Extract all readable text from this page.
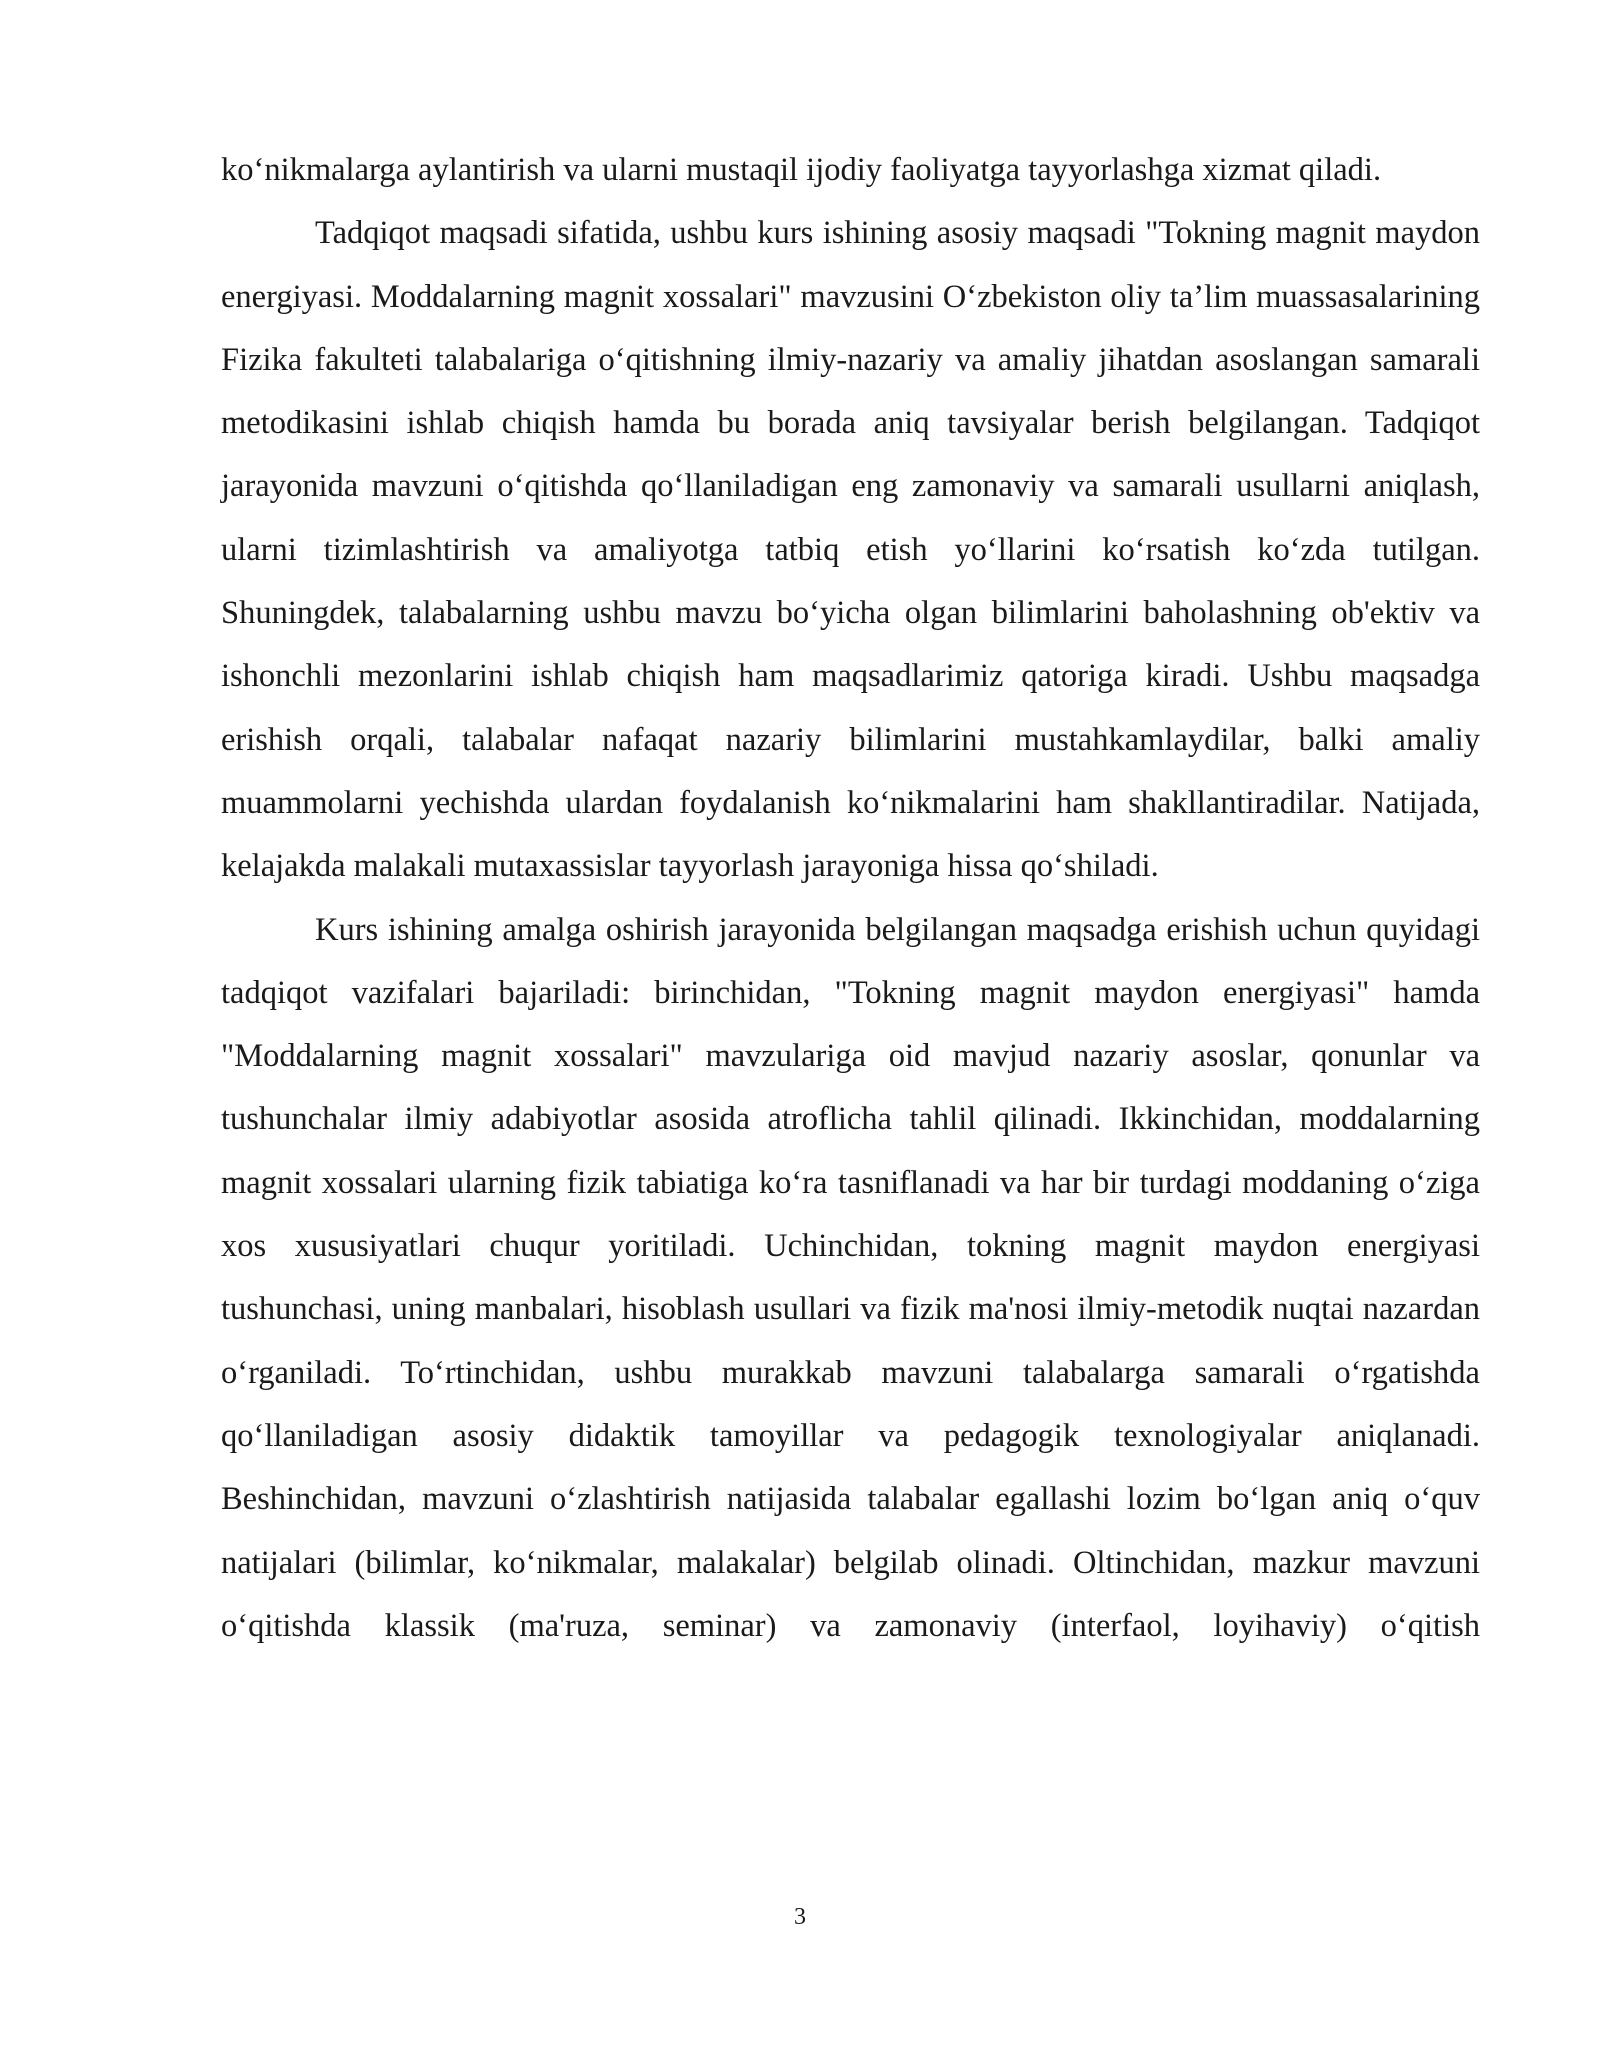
ko‘nikmalarga aylantirish va ularni mustaqil ijodiy faoliyatga tayyorlashga xizmat qiladi.

Tadqiqot maqsadi sifatida, ushbu kurs ishining asosiy maqsadi "Tokning magnit maydon energiyasi. Moddalarning magnit xossalari" mavzusini O‘zbekiston oliy ta’lim muassasalarining Fizika fakulteti talabalariga o‘qitishning ilmiy-nazariy va amaliy jihatdan asoslangan samarali metodikasini ishlab chiqish hamda bu borada aniq tavsiyalar berish belgilangan. Tadqiqot jarayonida mavzuni o‘qitishda qo‘llaniladigan eng zamonaviy va samarali usullarni aniqlash, ularni tizimlashtirish va amaliyotga tatbiq etish yo‘llarini ko‘rsatish ko‘zda tutilgan. Shuningdek, talabalarning ushbu mavzu bo‘yicha olgan bilimlarini baholashning ob'ektiv va ishonchli mezonlarini ishlab chiqish ham maqsadlarimiz qatoriga kiradi. Ushbu maqsadga erishish orqali, talabalar nafaqat nazariy bilimlarini mustahkamlaydilar, balki amaliy muammolarni yechishda ulardan foydalanish ko‘nikmalarini ham shakllantiradilar. Natijada, kelajakda malakali mutaxassislar tayyorlash jarayoniga hissa qo‘shiladi.

Kurs ishining amalga oshirish jarayonida belgilangan maqsadga erishish uchun quyidagi tadqiqot vazifalari bajariladi: birinchidan, "Tokning magnit maydon energiyasi" hamda "Moddalarning magnit xossalari" mavzulariga oid mavjud nazariy asoslar, qonunlar va tushunchalar ilmiy adabiyotlar asosida atroflicha tahlil qilinadi. Ikkinchidan, moddalarning magnit xossalari ularning fizik tabiatiga ko‘ra tasniflanadi va har bir turdagi moddaning o‘ziga xos xususiyatlari chuqur yoritiladi. Uchinchidan, tokning magnit maydon energiyasi tushunchasi, uning manbalari, hisoblash usullari va fizik ma'nosi ilmiy-metodik nuqtai nazardan o‘rganiladi. To‘rtinchidan, ushbu murakkab mavzuni talabalarga samarali o‘rgatishda qo‘llaniladigan asosiy didaktik tamoyillar va pedagogik texnologiyalar aniqlanadi. Beshinchidan, mavzuni o‘zlashtirish natijasida talabalar egallashi lozim bo‘lgan aniq o‘quv natijalari (bilimlar, ko‘nikmalar, malakalar) belgilab olinadi. Oltinchidan, mazkur mavzuni o‘qitishda klassik (ma'ruza, seminar) va zamonaviy (interfaol, loyihaviy) o‘qitish

3
